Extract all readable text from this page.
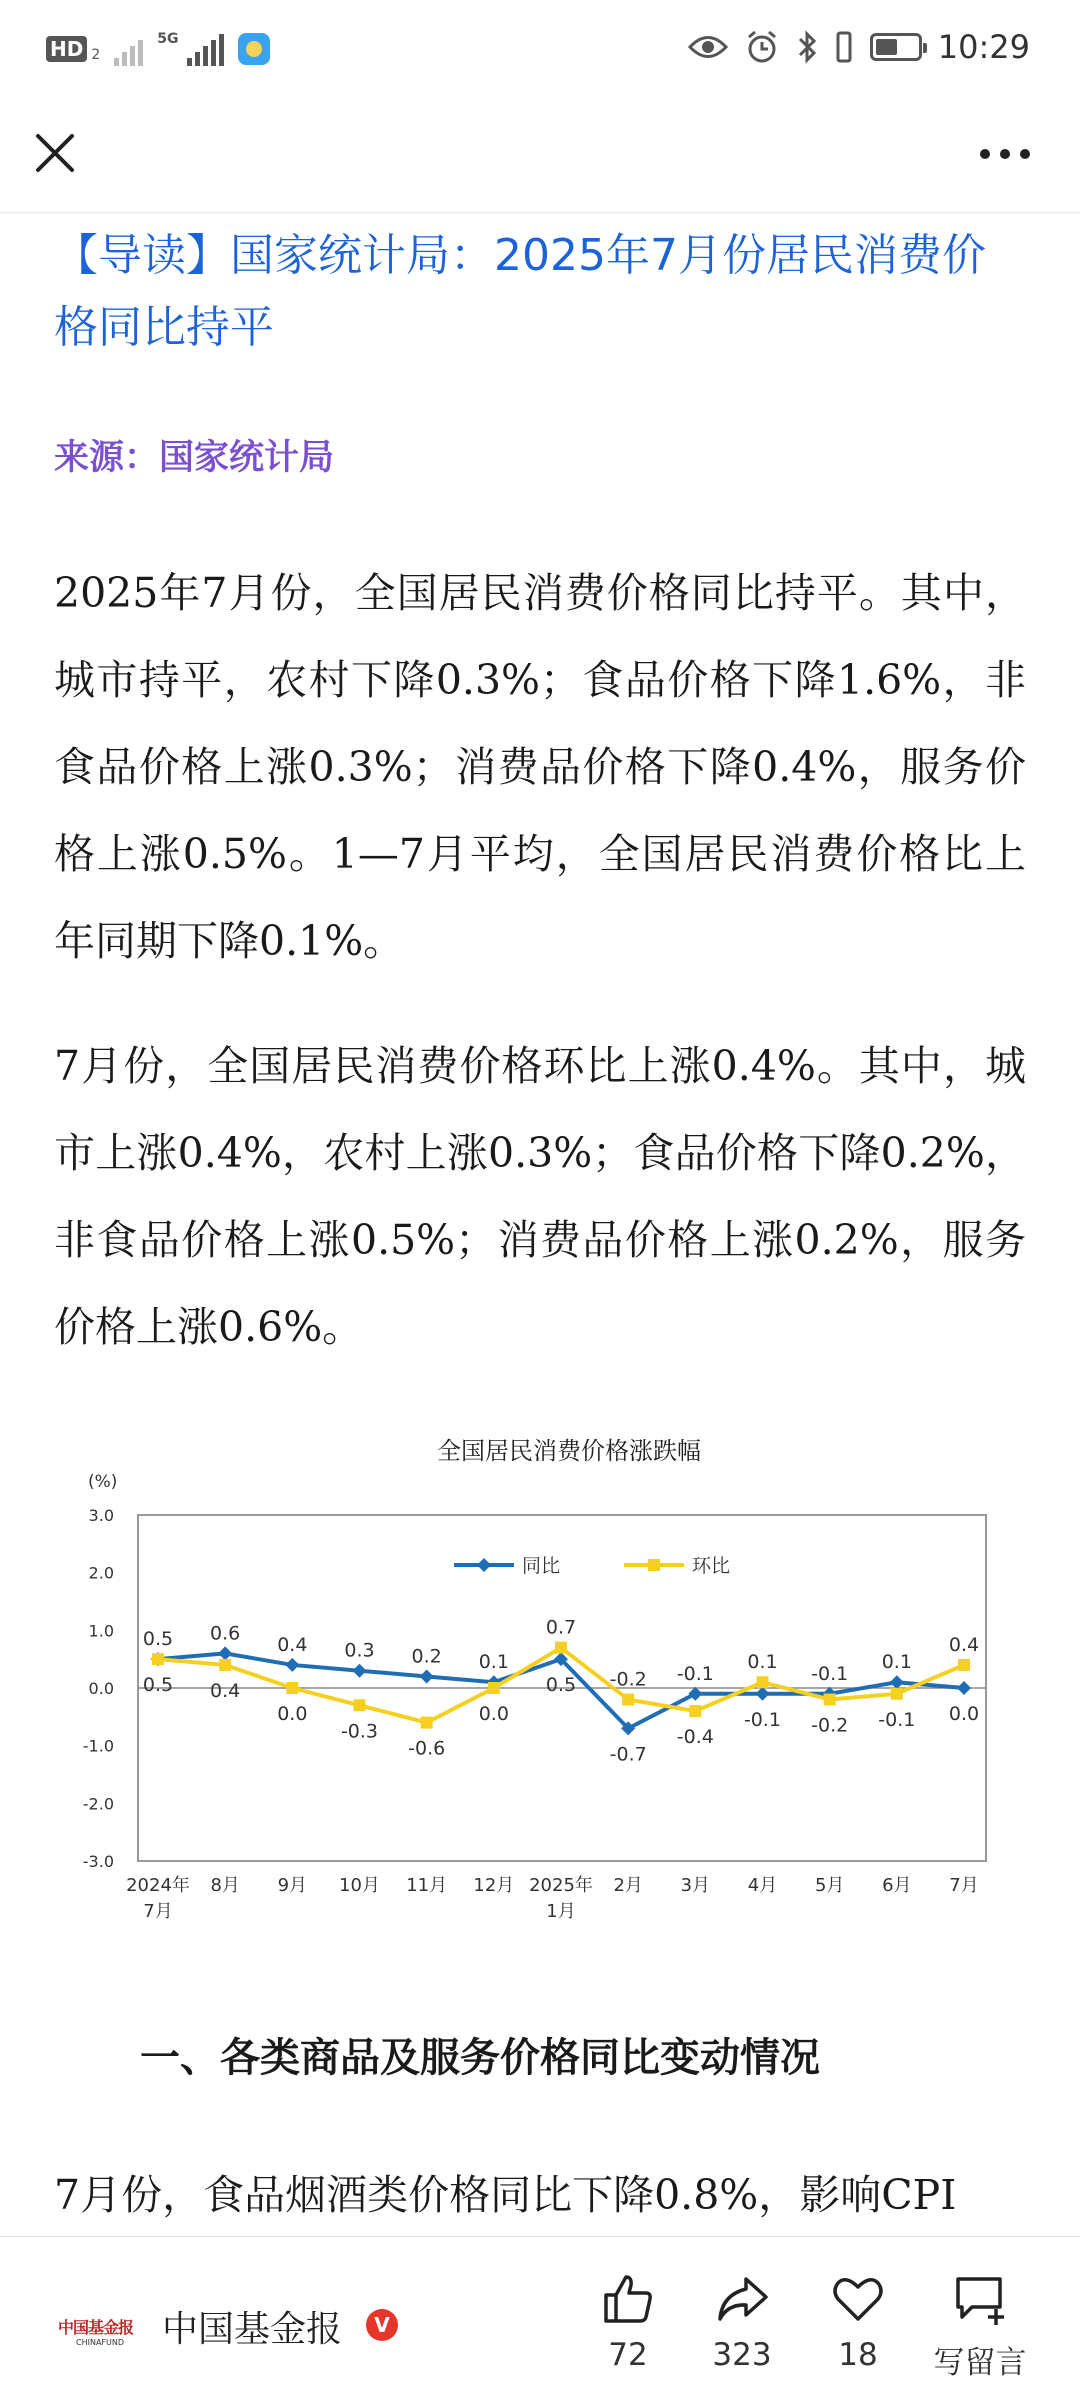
HD 2
5G	10:29
【导读】国家统计局：2025年7月份居民消费价格同比持平
来源：国家统计局

2025年7月份，全国居民消费价格同比持平。其中，城市持平，农村下降0.3%；食品价格下降1.6%，非食品价格上涨0.3%；消费品价格下降0.4%，服务价格上涨0.5%。1—7月平均，全国居民消费价格比上年同期下降0.1%。

7月份，全国居民消费价格环比上涨0.4%。其中，城市上涨0.4%，农村上涨0.3%；食品价格下降0.2%，非食品价格上涨0.5%；消费品价格上涨0.2%，服务价格上涨0.6%。

全国居民消费价格涨跌幅
(%)
3.0
2.0
1.0
0.0
-1.0
-2.0
-3.0
2024年
7月
8月 9月 10月 11月 12月 2025年
1月
2月 3月 4月 5月 6月 7月
0.5
0.5
0.6
0.4
0.4
0.0
0.3
-0.3
0.2
-0.6
0.1
0.0
0.5
0.7
-0.7
-0.2 -0.1
-0.4
-0.1
0.1
-0.1
-0.2
0.1
-0.1 0.0
0.4
同比	环比
一、各类商品及服务价格同比变动情况
7月份，食品烟酒类价格同比下降0.8%，影响CPI
中国基金报
CHINAFUND	中国基金报	V
72	323	18	写留言
